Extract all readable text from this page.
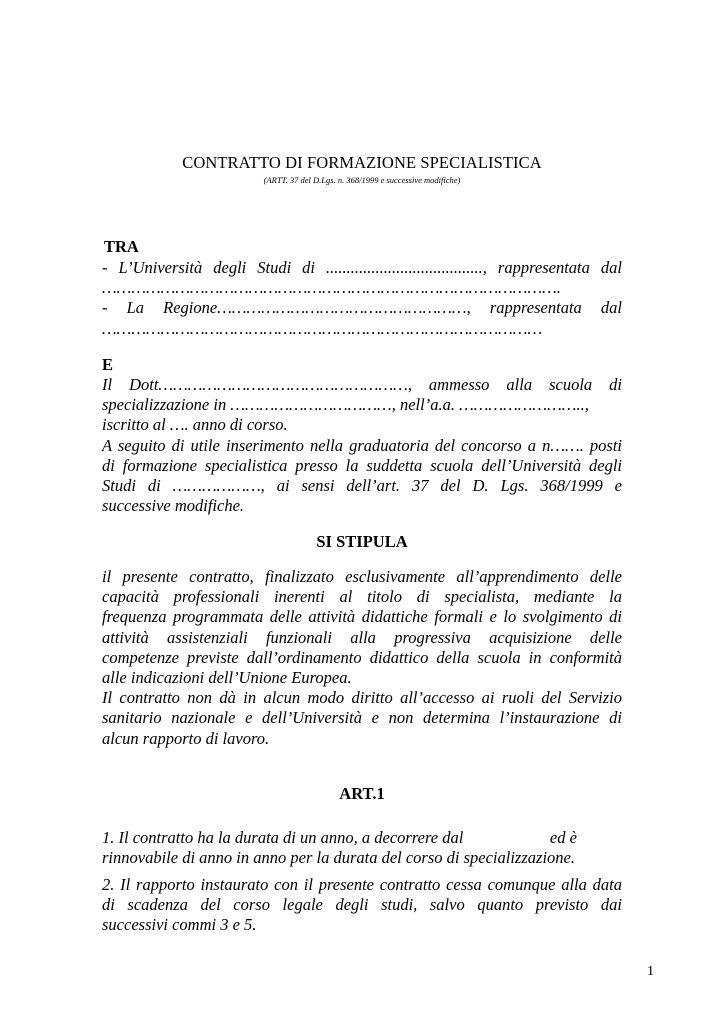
CONTRATTO DI FORMAZIONE SPECIALISTICA
(ARTT. 37 del D.Lgs. n. 368/1999 e successive modifiche)
TRA
- L’Università degli Studi di ......................................, rappresentata dal
………………………………………………………………………………….
- La Regione……………………………………………, rappresentata dal
………………………………………………………………………………
E
Il Dott……………………………………………, ammesso alla scuola di
specializzazione in ……………………………, nell’a.a. ……………………..,
iscritto al …. anno di corso.
A seguito di utile inserimento nella graduatoria del concorso a n……. posti
di formazione specialistica presso la suddetta scuola dell’Università degli
Studi di ………………, ai sensi dell’art. 37 del D. Lgs. 368/1999 e
successive modifiche.
SI STIPULA
il presente contratto, finalizzato esclusivamente all’apprendimento delle
capacità professionali inerenti al titolo di specialista, mediante la
frequenza programmata delle attività didattiche formali e lo svolgimento di
attività assistenziali funzionali alla progressiva acquisizione delle
competenze previste dall’ordinamento didattico della scuola in conformità
alle indicazioni dell’Unione Europea.
Il contratto non dà in alcun modo diritto all’accesso ai ruoli del Servizio
sanitario nazionale e dell’Università e non determina l’instaurazione di
alcun rapporto di lavoro.
ART.1
1. Il contratto ha la durata di un anno, a decorrere dal                     ed è
rinnovabile di anno in anno per la durata del corso di specializzazione.
2. Il rapporto instaurato con il presente contratto cessa comunque alla data
di scadenza del corso legale degli studi, salvo quanto previsto dai
successivi commi 3 e 5.
1
